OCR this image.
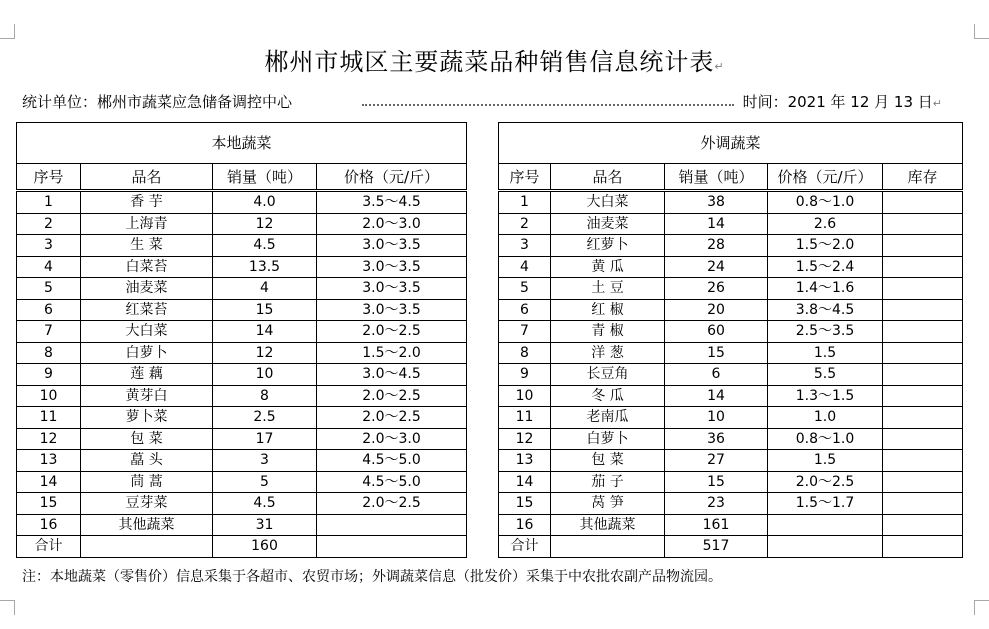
郴州市城区主要蔬菜品种销售信息统计表↵
统计单位：郴州市蔬菜应急储备调控中心	时间：2021 年 12 月 13 日↵
本地蔬菜					外调蔬菜				
序号	品名	销量（吨）	价格（元/斤）		序号	品名	销量（吨）	价格（元/斤）	库存
1	香 芋	4.0	3.5～4.5		1	大白菜	38	0.8～1.0	
2	上海青	12	2.0～3.0		2	油麦菜	14	2.6	
3	生 菜	4.5	3.0～3.5		3	红萝卜	28	1.5～2.0	
4	白菜苔	13.5	3.0～3.5		4	黄 瓜	24	1.5～2.4	
5	油麦菜	4	3.0～3.5		5	土 豆	26	1.4～1.6	
6	红菜苔	15	3.0～3.5		6	红 椒	20	3.8～4.5	
7	大白菜	14	2.0～2.5		7	青 椒	60	2.5～3.5	
8	白萝卜	12	1.5～2.0		8	洋 葱	15	1.5	
9	莲 藕	10	3.0～4.5		9	长豆角	6	5.5	
10	黄芽白	8	2.0～2.5		10	冬 瓜	14	1.3～1.5	
11	萝卜菜	2.5	2.0～2.5		11	老南瓜	10	1.0	
12	包 菜	17	2.0～3.0		12	白萝卜	36	0.8～1.0	
13	藠 头	3	4.5～5.0		13	包 菜	27	1.5	
14	茼 蒿	5	4.5～5.0		14	茄 子	15	2.0～2.5	
15	豆芽菜	4.5	2.0～2.5		15	莴 笋	23	1.5～1.7	
16	其他蔬菜	31			16	其他蔬菜	161		
合计		160			合计		517		
注：本地蔬菜（零售价）信息采集于各超市、农贸市场；外调蔬菜信息（批发价）采集于中农批农副产品物流园。
